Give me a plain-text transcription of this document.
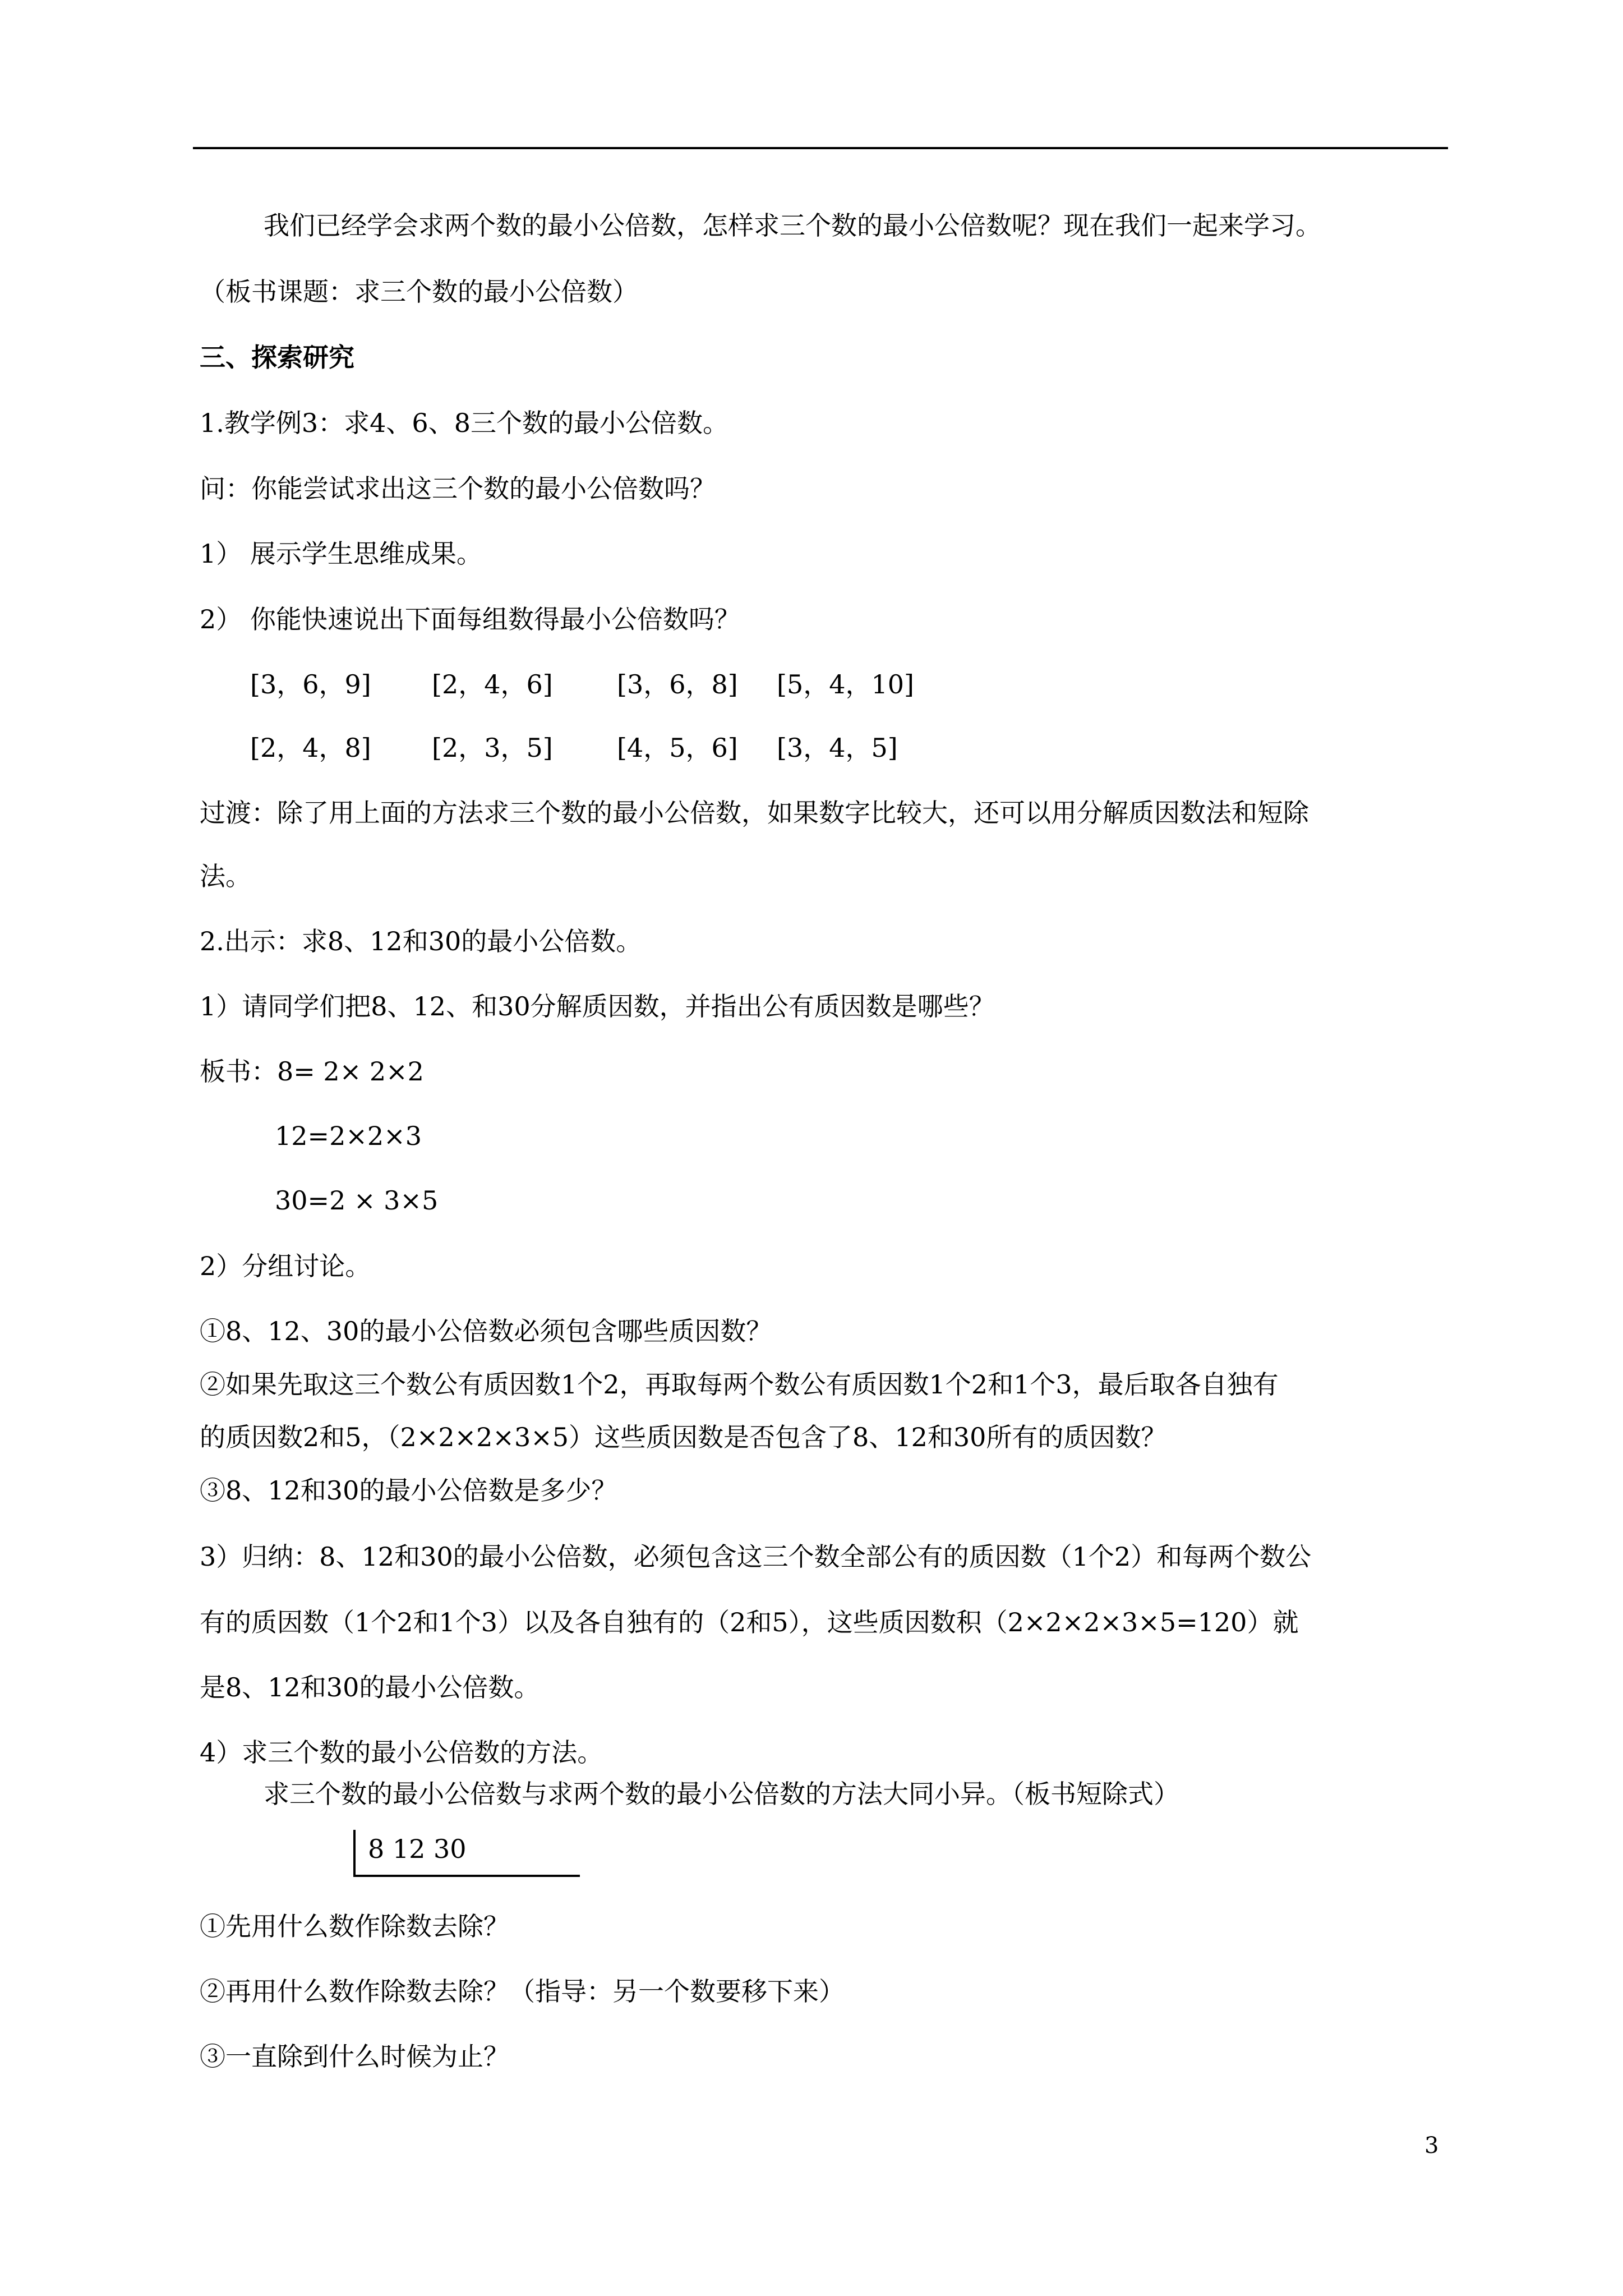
我们已经学会求两个数的最小公倍数，怎样求三个数的最小公倍数呢？现在我们一起来学习。
（板书课题：求三个数的最小公倍数）
三、探索研究
1.教学例3：求4、6、8三个数的最小公倍数。
问：你能尝试求出这三个数的最小公倍数吗？
1） 展示学生思维成果。
2） 你能快速说出下面每组数得最小公倍数吗？
[3，6，9] [2，4，6] [3，6，8] [5，4，10]
[2，4，8] [2，3，5] [4，5，6] [3，4，5]
过渡：除了用上面的方法求三个数的最小公倍数，如果数字比较大，还可以用分解质因数法和短除
法。
2.出示：求8、12和30的最小公倍数。
1）请同学们把8、12、和30分解质因数，并指出公有质因数是哪些？
板书：8= 2× 2×2
12=2×2×3
30=2 × 3×5
2）分组讨论。
①8、12、30的最小公倍数必须包含哪些质因数？
②如果先取这三个数公有质因数1个2，再取每两个数公有质因数1个2和1个3，最后取各自独有
的质因数2和5，（2×2×2×3×5）这些质因数是否包含了8、12和30所有的质因数？
③8、12和30的最小公倍数是多少？
3）归纳：8、12和30的最小公倍数，必须包含这三个数全部公有的质因数（1个2）和每两个数公
有的质因数（1个2和1个3）以及各自独有的（2和5），这些质因数积（2×2×2×3×5=120）就
是8、12和30的最小公倍数。
4）求三个数的最小公倍数的方法。
求三个数的最小公倍数与求两个数的最小公倍数的方法大同小异。（板书短除式）
8 12 30
①先用什么数作除数去除？
②再用什么数作除数去除？（指导：另一个数要移下来）
③一直除到什么时候为止？
3
